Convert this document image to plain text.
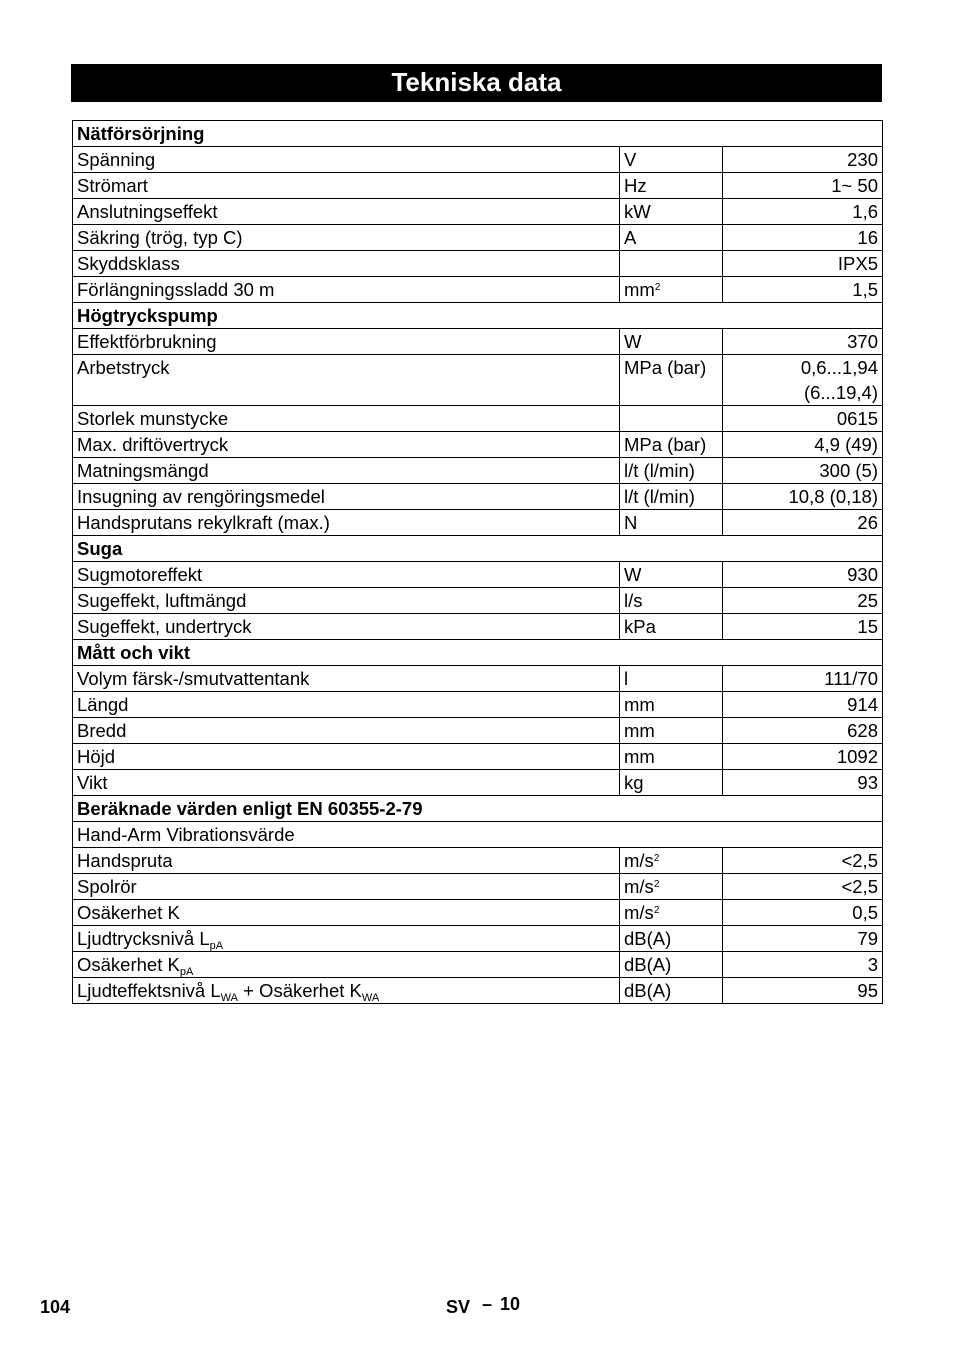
Tekniska data
Nätförsörjning		
Spänning	V	230

Strömart	Hz	1~ 50

Anslutningseffekt	kW	1,6

Säkring (trög, typ C)	A	16

Skyddsklass		IPX5

Förlängningssladd 30 m	$mm^2$	1,5

Högtryckspump		
Effektförbrukning	W	370

Arbetstryck	MPa (bar)	0,6...1,94
(6...19,4)

Storlek munstycke		0615

Max. driftövertryck	MPa (bar)	4,9 (49)

Matningsmängd	l/t (l/min)	300 (5)

Insugning av rengöringsmedel	l/t (l/min)	10,8 (0,18)

Handsprutans rekylkraft (max.)	N	26

Suga		
Sugmotoreffekt	W	930

Sugeffekt, luftmängd	l/s	25

Sugeffekt, undertryck	kPa	15

Mått och vikt		
Volym färsk-/smutvattentank	l	111/70

Längd	mm	914

Bredd	mm	628

Höjd	mm	1092

Vikt	kg	93

Beräknade värden enligt EN 60355-2-79		
Hand-Arm Vibrationsvärde		
Handspruta	$m/s^2$	<2,5

Spolrör	$m/s^2$	<2,5

Osäkerhet K	$m/s^2$	0,5

Ljudtrycksnivå $L_{pA}$	dB(A)	79

Osäkerhet $K_{pA}$	dB(A)	3

Ljudteffektsnivå $L_{WA}$ + Osäkerhet $K_{WA}$	dB(A)	95
104	SV – 10
